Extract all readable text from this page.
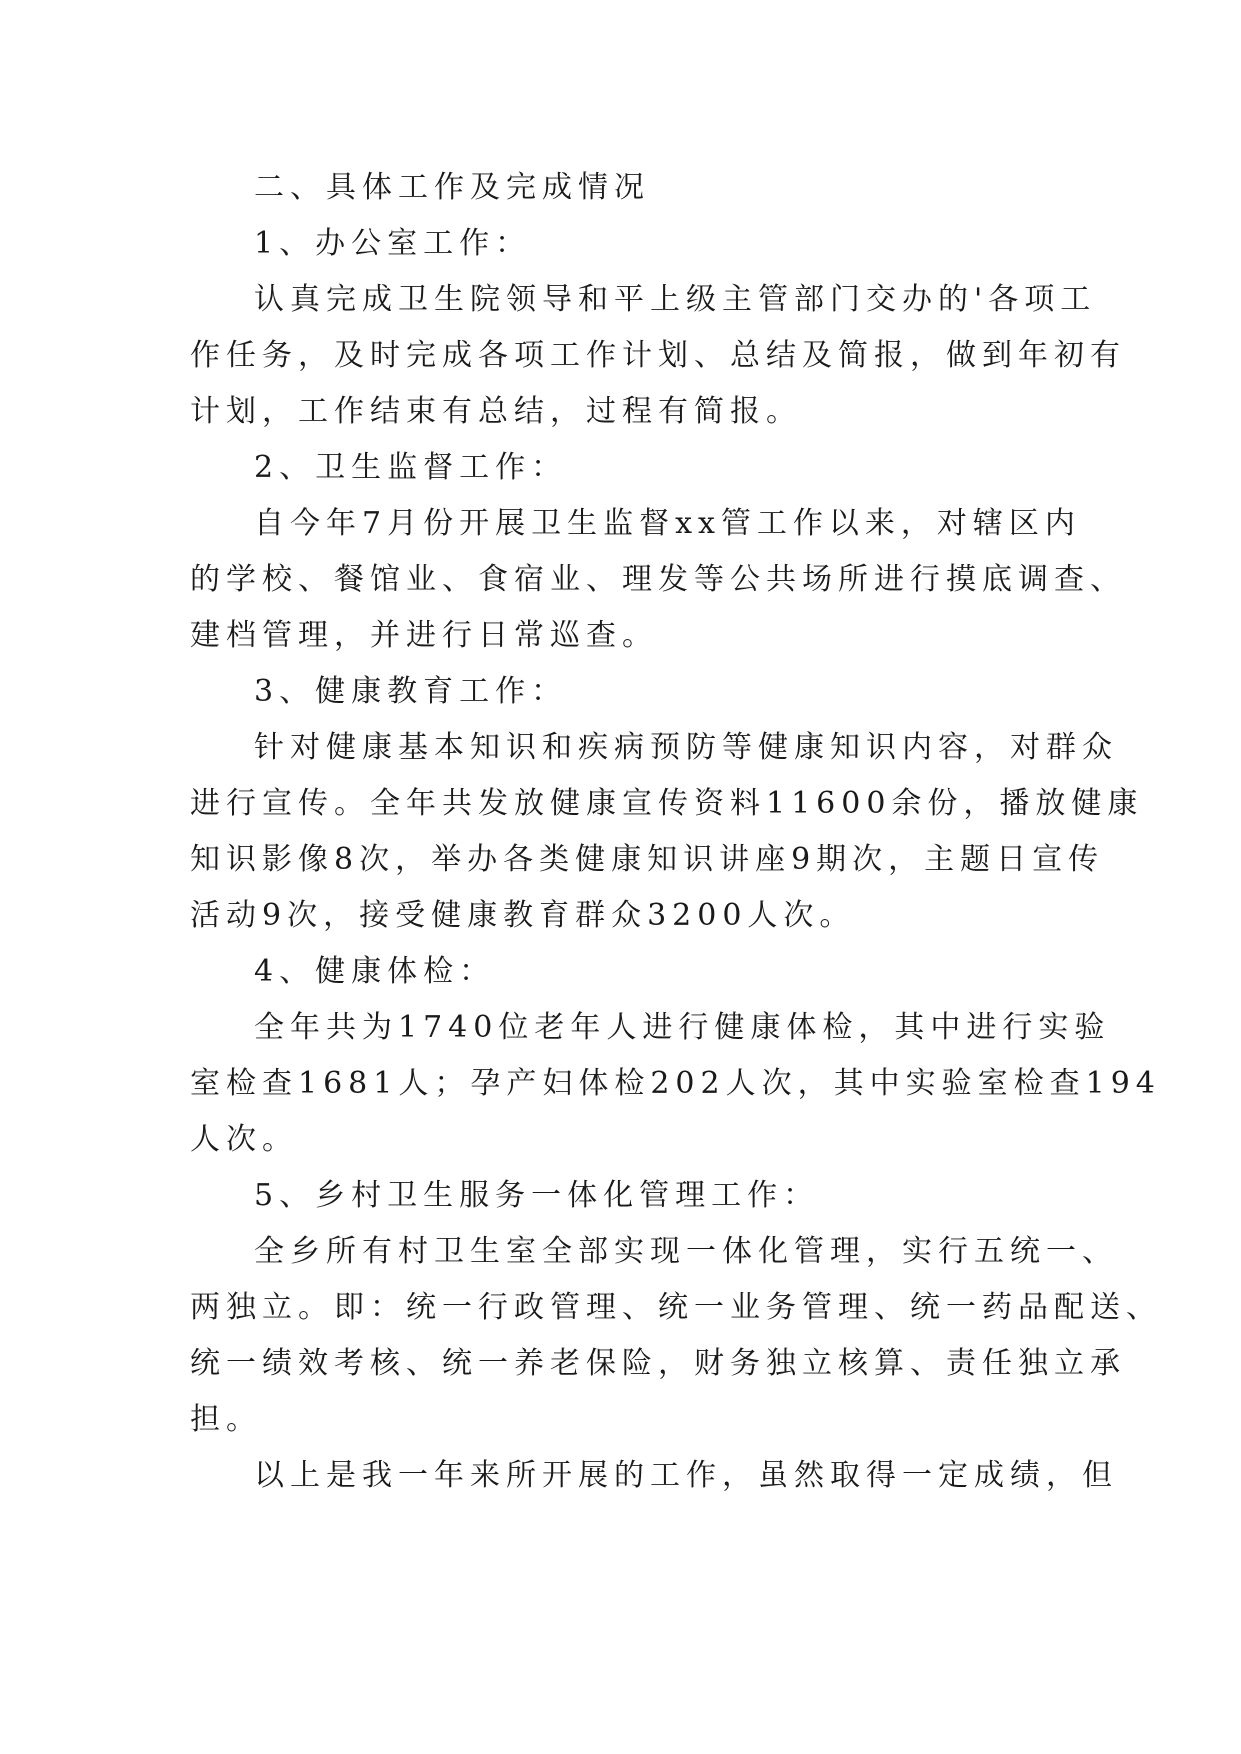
二、具体工作及完成情况

1、办公室工作：

认真完成卫生院领导和平上级主管部门交办的'各项工

作任务，及时完成各项工作计划、总结及简报，做到年初有

计划，工作结束有总结，过程有简报。

2、卫生监督工作：

自今年7月份开展卫生监督xx管工作以来，对辖区内

的学校、餐馆业、食宿业、理发等公共场所进行摸底调查、

建档管理，并进行日常巡查。

3、健康教育工作：

针对健康基本知识和疾病预防等健康知识内容，对群众

进行宣传。全年共发放健康宣传资料11600余份，播放健康

知识影像8次，举办各类健康知识讲座9期次，主题日宣传

活动9次，接受健康教育群众3200人次。

4、健康体检：

全年共为1740位老年人进行健康体检，其中进行实验

室检查1681人；孕产妇体检202人次，其中实验室检查194

人次。

5、乡村卫生服务一体化管理工作：

全乡所有村卫生室全部实现一体化管理，实行五统一、

两独立。即：统一行政管理、统一业务管理、统一药品配送、

统一绩效考核、统一养老保险，财务独立核算、责任独立承

担。

以上是我一年来所开展的工作，虽然取得一定成绩，但
